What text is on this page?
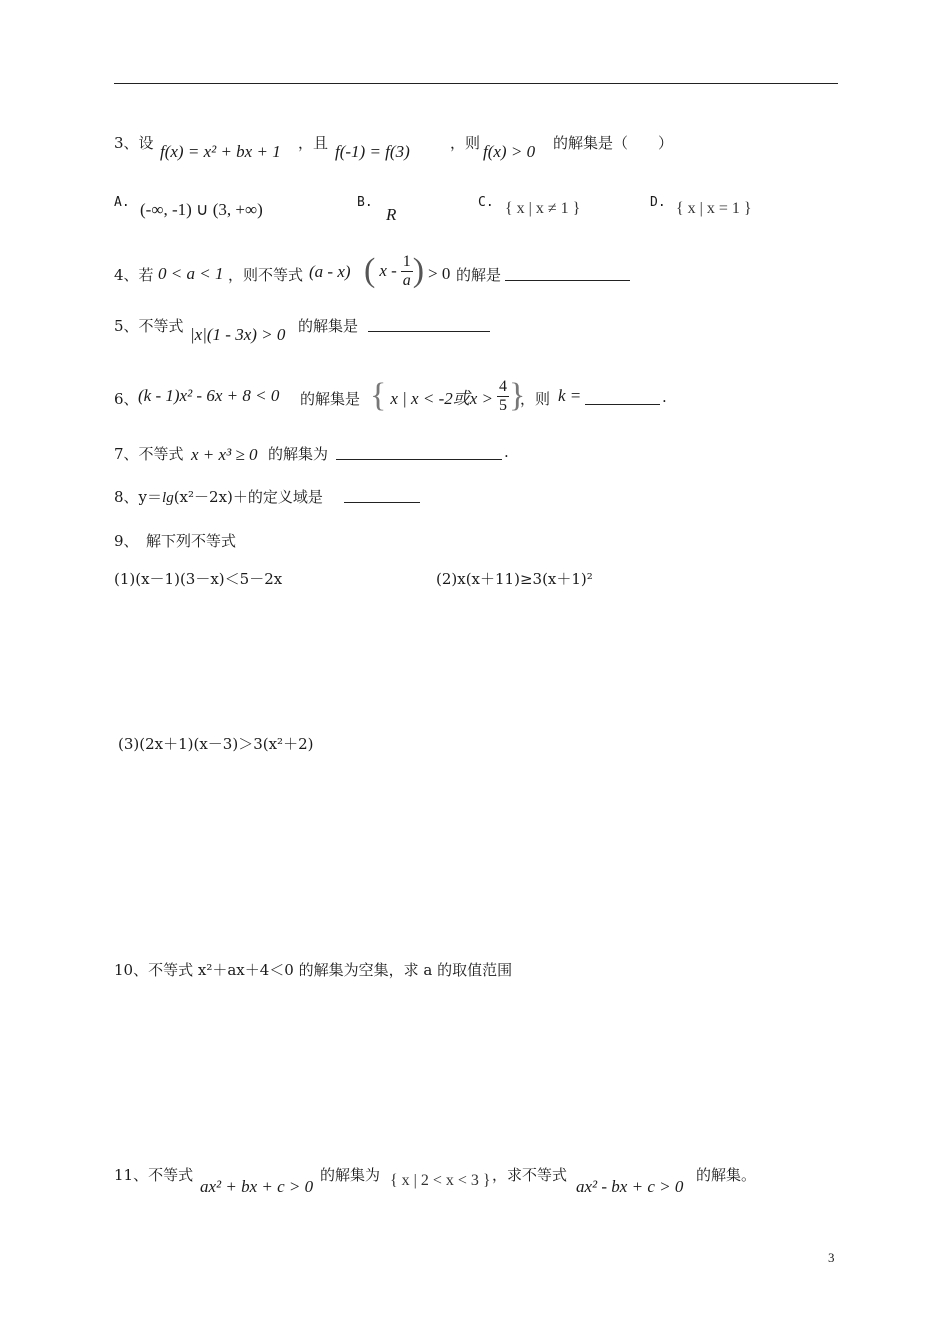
3、设 f(x) = x² + bx + 1 ，且 f(-1) = f(3)	，则 f(x) > 0 的解集是（　　）
A. (-∞, -1) ∪ (3, +∞)	B.
R
C. { x | x ≠ 1 }	D. { x | x = 1 }
4、若 0 < a < 1 ，则不等式 (a - x) ( x - $\frac{1}{a}$ ) > 0 的解是
5、不等式 |x|(1 - 3x) > 0 的解集是
6、 (k - 1)x² - 6x + 8 < 0 的解集是 { x | x < -2或$x > \frac{4}{5}$ }
，则 k =	.
7、不等式 x + x³ ≥ 0 的解集为	.
8、y＝lg(x²－2x)＋的定义域是
9、　解下列不等式
(1)(x－1)(3－x)＜5－2x	(2)x(x＋11)≥3(x＋1)²
(3)(2x＋1)(x－3)＞3(x²＋2)
10、不等式 x²＋ax＋4＜0 的解集为空集，求 a 的取值范围
11、不等式
ax² + bx + c > 0
的解集为 { x | 2 < x < 3 } ，求不等式
ax² - bx + c > 0
的解集。
3
